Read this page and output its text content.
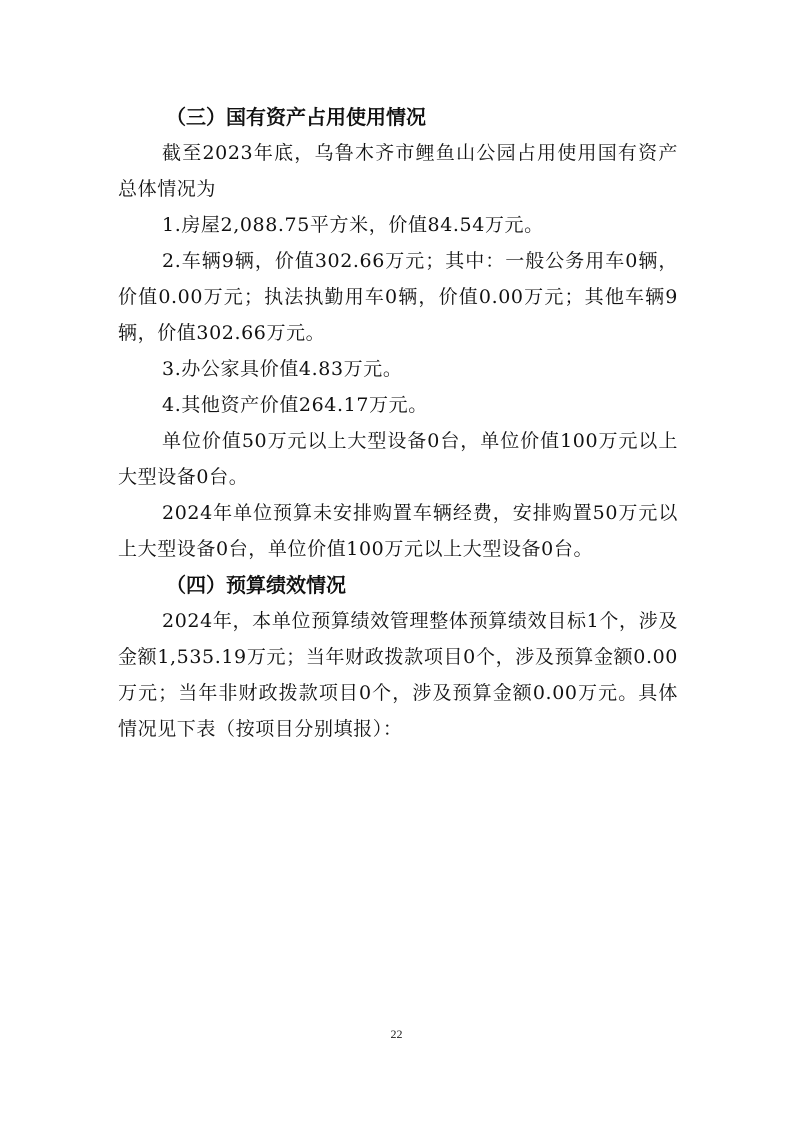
（三）国有资产占用使用情况

截至2023年底，乌鲁木齐市鲤鱼山公园占用使用国有资产总体情况为

1.房屋2,088.75平方米，价值84.54万元。

2.车辆9辆，价值302.66万元；其中：一般公务用车0辆，价值0.00万元；执法执勤用车0辆，价值0.00万元；其他车辆9辆，价值302.66万元。

3.办公家具价值4.83万元。

4.其他资产价值264.17万元。

单位价值50万元以上大型设备0台，单位价值100万元以上大型设备0台。

2024年单位预算未安排购置车辆经费，安排购置50万元以上大型设备0台，单位价值100万元以上大型设备0台。

（四）预算绩效情况

2024年，本单位预算绩效管理整体预算绩效目标1个，涉及金额1,535.19万元；当年财政拨款项目0个，涉及预算金额0.00万元；当年非财政拨款项目0个，涉及预算金额0.00万元。具体情况见下表（按项目分别填报）：

22
